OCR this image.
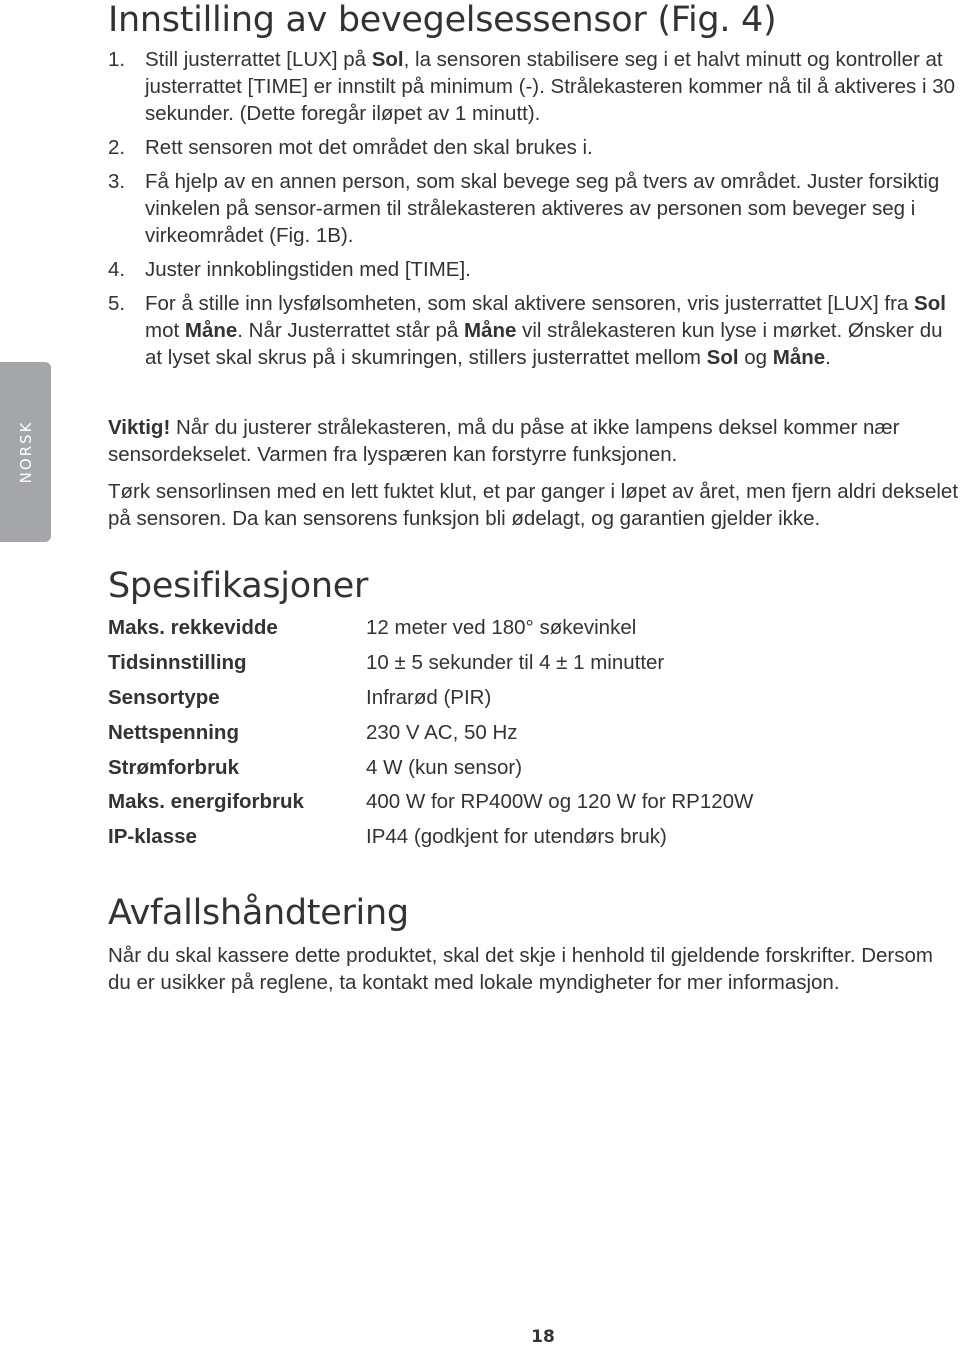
NORSK
Innstilling av bevegelsessensor (Fig. 4)
1. Still justerrattet [LUX] på Sol, la sensoren stabilisere seg i et halvt minutt og kontroller at justerrattet [TIME] er innstilt på minimum (-). Strålekasteren kommer nå til å aktiveres i 30 sekunder. (Dette foregår iløpet av 1 minutt).
2. Rett sensoren mot det området den skal brukes i.
3. Få hjelp av en annen person, som skal bevege seg på tvers av området. Juster forsiktig vinkelen på sensor-armen til strålekasteren aktiveres av personen som beveger seg i virkeområdet (Fig. 1B).
4. Juster innkoblingstiden med [TIME].
5. For å stille inn lysfølsomheten, som skal aktivere sensoren, vris justerrattet [LUX] fra Sol mot Måne. Når Justerrattet står på Måne vil strålekasteren kun lyse i mørket. Ønsker du at lyset skal skrus på i skumringen, stillers justerrattet mellom Sol og Måne.

Viktig! Når du justerer strålekasteren, må du påse at ikke lampens deksel kommer nær sensordekselet. Varmen fra lyspæren kan forstyrre funksjonen.

Tørk sensorlinsen med en lett fuktet klut, et par ganger i løpet av året, men fjern aldri dekselet på sensoren. Da kan sensorens funksjon bli ødelagt, og garantien gjelder ikke.

Spesifikasjoner
Maks. rekkevidde	12 meter ved 180° søkevinkel
Tidsinnstilling	10 ± 5 sekunder til 4 ± 1 minutter
Sensortype	Infrarød (PIR)
Nettspenning	230 V AC, 50 Hz
Strømforbruk	4 W (kun sensor)
Maks. energiforbruk	400 W for RP400W og 120 W for RP120W
IP-klasse	IP44 (godkjent for utendørs bruk)
Avfallshåndtering

Når du skal kassere dette produktet, skal det skje i henhold til gjeldende forskrifter. Dersom du er usikker på reglene, ta kontakt med lokale myndigheter for mer informasjon.

18
